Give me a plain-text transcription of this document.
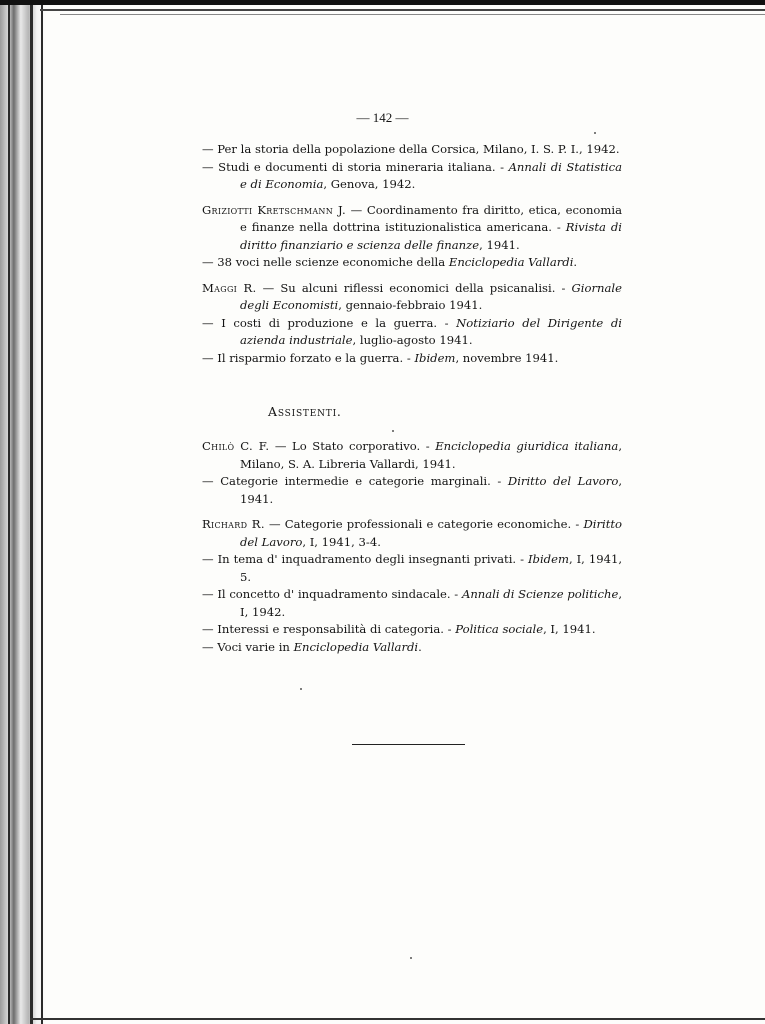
— 142 —

— Per la storia della popolazione della Corsica, Milano, I. S. P. I., 1942.

— Studi e documenti di storia mineraria italiana. - Annali di Statistica e di Economia, Genova, 1942.

Griziotti Kretschmann J. — Coordinamento fra diritto, etica, economia e finanze nella dottrina istituzionalistica americana. - Rivista di diritto finanziario e scienza delle finanze, 1941.

— 38 voci nelle scienze economiche della Enciclopedia Vallardi.

Maggi R. — Su alcuni riflessi economici della psicanalisi. - Giornale degli Economisti, gennaio-febbraio 1941.

— I costi di produzione e la guerra. - Notiziario del Dirigente di azienda industriale, luglio-agosto 1941.

— Il risparmio forzato e la guerra. - Ibidem, novembre 1941.

Assistenti.

Chilò C. F. — Lo Stato corporativo. - Enciclopedia giuridica italiana, Milano, S. A. Libreria Vallardi, 1941.

— Categorie intermedie e categorie marginali. - Diritto del Lavoro, 1941.

Richard R. — Categorie professionali e categorie economiche. - Diritto del Lavoro, I, 1941, 3-4.

— In tema d' inquadramento degli insegnanti privati. - Ibidem, I, 1941, 5.

— Il concetto d' inquadramento sindacale. - Annali di Scienze politiche, I, 1942.

— Interessi e responsabilità di categoria. - Politica sociale, I, 1941.

— Voci varie in Enciclopedia Vallardi.
